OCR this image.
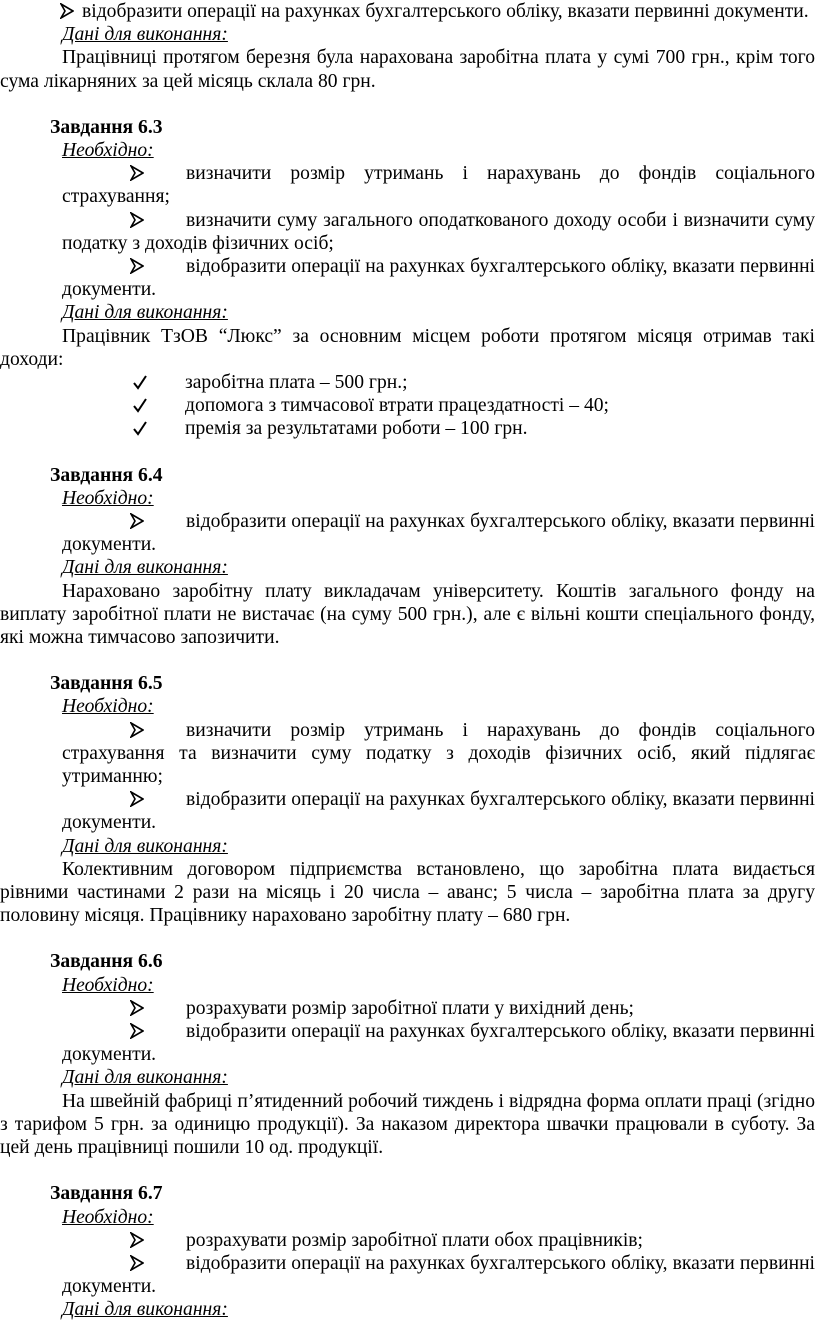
відобразити операції на рахунках бухгалтерського обліку, вказати первинні документи.
Дані для виконання:
Працівниці протягом березня була нарахована заробітна плата у сумі 700 грн., крім того сума лікарняних за цей місяць склала 80 грн.
Завдання 6.3
Необхідно:
визначити розмір утримань і нарахувань до фондів соціального страхування;
визначити суму загального оподаткованого доходу особи і визначити суму податку з доходів фізичних осіб;
відобразити операції на рахунках бухгалтерського обліку, вказати первинні документи.
Дані для виконання:
Працівник ТзОВ “Люкс” за основним місцем роботи протягом місяця отримав такі доходи:
заробітна плата – 500 грн.;
допомога з тимчасової втрати працездатності – 40;
премія за результатами роботи – 100 грн.
Завдання 6.4
Необхідно:
відобразити операції на рахунках бухгалтерського обліку, вказати первинні документи.
Дані для виконання:
Нараховано заробітну плату викладачам університету. Коштів загального фонду на виплату заробітної плати не вистачає (на суму 500 грн.), але є вільні кошти спеціального фонду, які можна тимчасово запозичити.
Завдання 6.5
Необхідно:
визначити розмір утримань і нарахувань до фондів соціального страхування та визначити суму податку з доходів фізичних осіб, який підлягає утриманню;
відобразити операції на рахунках бухгалтерського обліку, вказати первинні документи.
Дані для виконання:
Колективним договором підприємства встановлено, що заробітна плата видається рівними частинами 2 рази на місяць і 20 числа – аванс; 5 числа – заробітна плата за другу половину місяця. Працівнику нараховано заробітну плату – 680 грн.
Завдання 6.6
Необхідно:
розрахувати розмір заробітної плати у вихідний день;
відобразити операції на рахунках бухгалтерського обліку, вказати первинні документи.
Дані для виконання:
На швейній фабриці п’ятиденний робочий тиждень і відрядна форма оплати праці (згідно з тарифом 5 грн. за одиницю продукції). За наказом директора швачки працювали в суботу. За цей день працівниці пошили 10 од. продукції.
Завдання 6.7
Необхідно:
розрахувати розмір заробітної плати обох працівників;
відобразити операції на рахунках бухгалтерського обліку, вказати первинні документи.
Дані для виконання:
